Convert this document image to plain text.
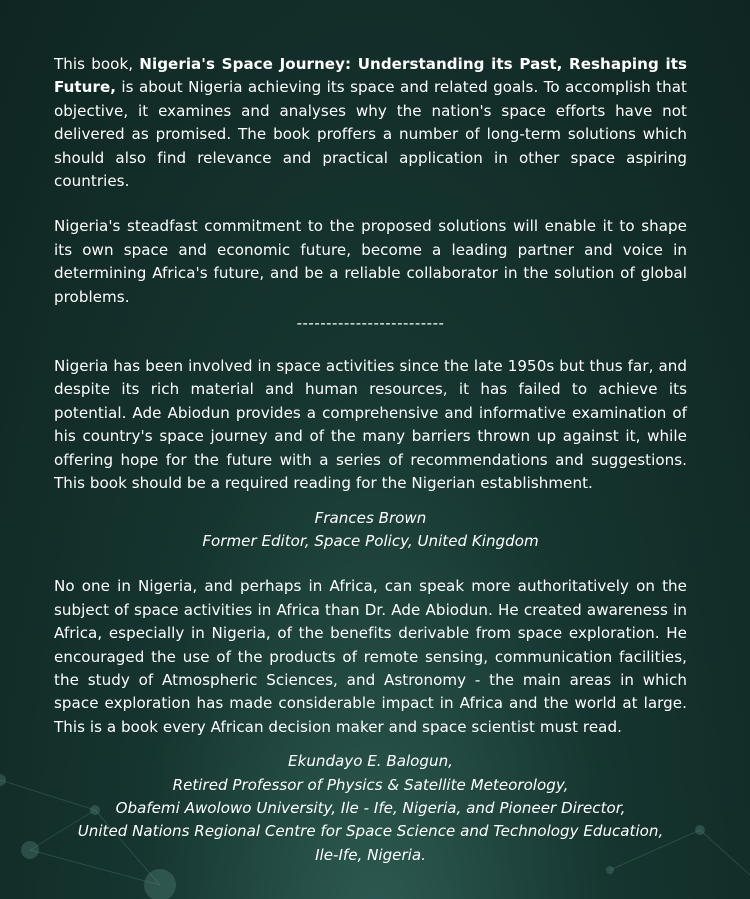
This book, Nigeria's Space Journey: Understanding its Past, Reshaping its Future, is about Nigeria achieving its space and related goals. To accomplish that objective, it examines and analyses why the nation's space efforts have not delivered as promised. The book proffers a number of long-term solutions which should also find relevance and practical application in other space aspiring countries.

Nigeria's steadfast commitment to the proposed solutions will enable it to shape its own space and economic future, become a leading partner and voice in determining Africa's future, and be a reliable collaborator in the solution of global problems.

-------------------------

Nigeria has been involved in space activities since the late 1950s but thus far, and despite its rich material and human resources, it has failed to achieve its potential. Ade Abiodun provides a comprehensive and informative examination of his country's space journey and of the many barriers thrown up against it, while offering hope for the future with a series of recommendations and suggestions. This book should be a required reading for the Nigerian establishment.

Frances Brown
Former Editor, Space Policy, United Kingdom

No one in Nigeria, and perhaps in Africa, can speak more authoritatively on the subject of space activities in Africa than Dr. Ade Abiodun. He created awareness in Africa, especially in Nigeria, of the benefits derivable from space exploration. He encouraged the use of the products of remote sensing, communication facilities, the study of Atmospheric Sciences, and Astronomy - the main areas in which space exploration has made considerable impact in Africa and the world at large. This is a book every African decision maker and space scientist must read.

Ekundayo E. Balogun,
Retired Professor of Physics & Satellite Meteorology,
Obafemi Awolowo University, Ile - Ife, Nigeria, and Pioneer Director,
United Nations Regional Centre for Space Science and Technology Education,
Ile-Ife, Nigeria.
